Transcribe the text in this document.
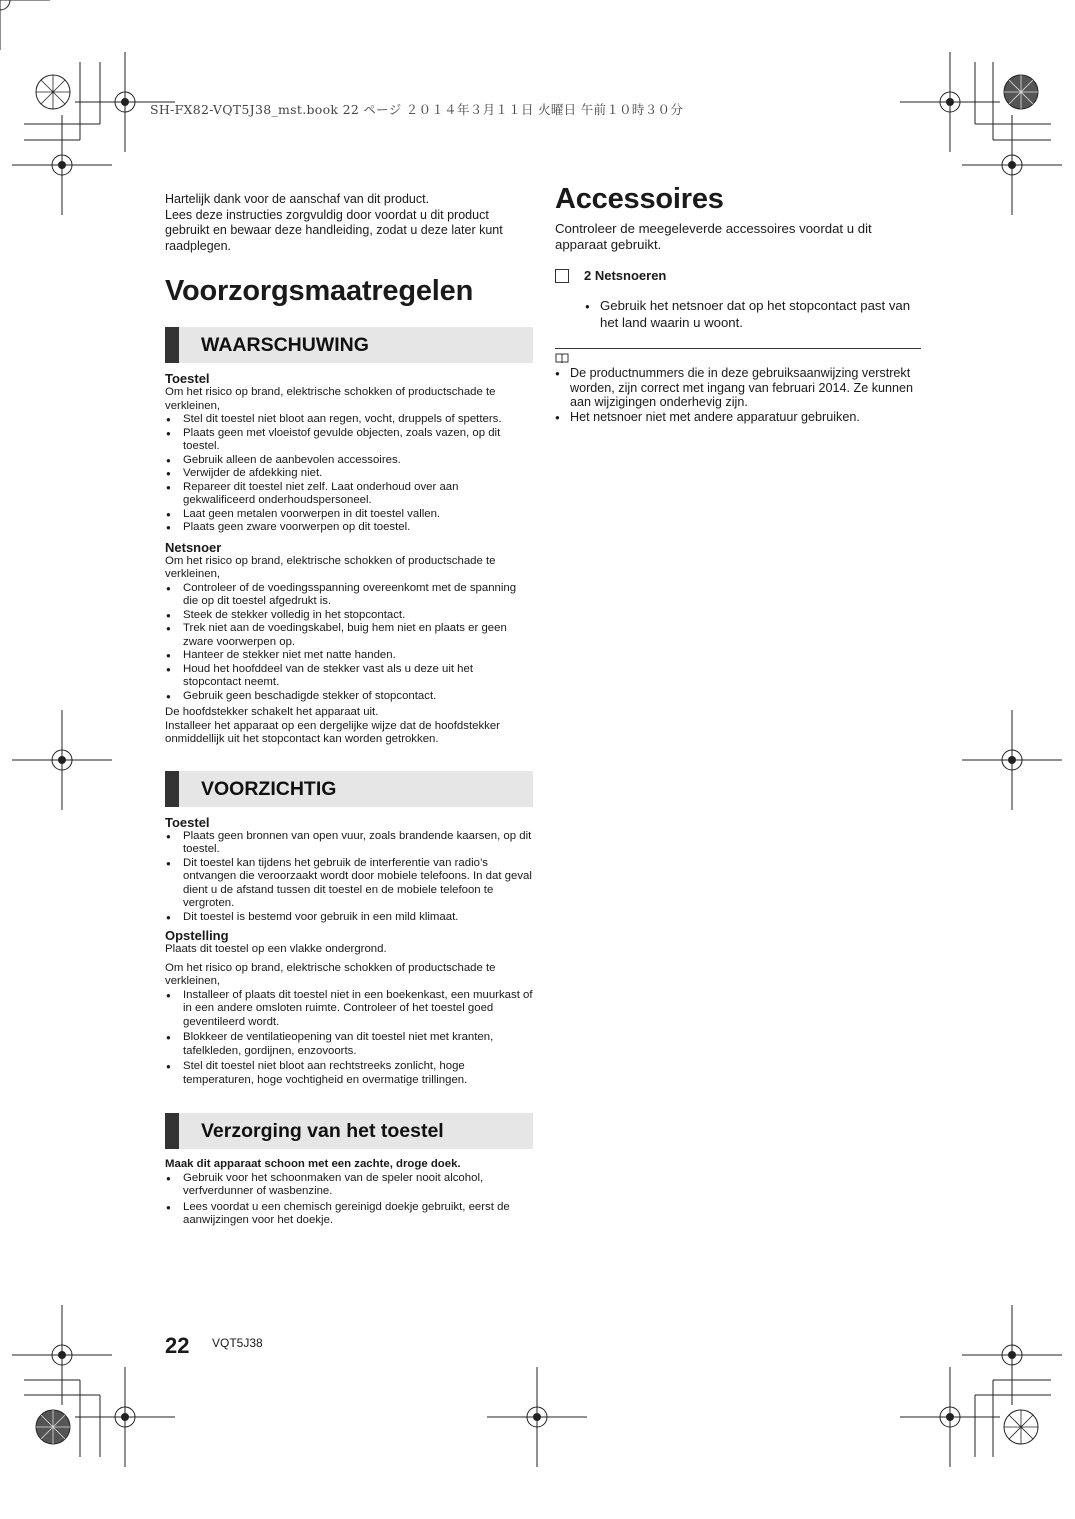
SH-FX82-VQT5J38_mst.book 22 ページ ２０１４年３月１１日 火曜日 午前１０時３０分

Hartelijk dank voor de aanschaf van dit product.

Lees deze instructies zorgvuldig door voordat u dit product gebruikt en bewaar deze handleiding, zodat u deze later kunt raadplegen.

Voorzorgsmaatregelen
WAARSCHUWING

Toestel

Om het risico op brand, elektrische schokken of productschade te verkleinen,

● Stel dit toestel niet bloot aan regen, vocht, druppels of spetters.
● Plaats geen met vloeistof gevulde objecten, zoals vazen, op dit toestel.
● Gebruik alleen de aanbevolen accessoires.
● Verwijder de afdekking niet.
● Repareer dit toestel niet zelf. Laat onderhoud over aan gekwalificeerd onderhoudspersoneel.
● Laat geen metalen voorwerpen in dit toestel vallen.
● Plaats geen zware voorwerpen op dit toestel.

Netsnoer

Om het risico op brand, elektrische schokken of productschade te verkleinen,

● Controleer of de voedingsspanning overeenkomt met de spanning die op dit toestel afgedrukt is.
● Steek de stekker volledig in het stopcontact.
● Trek niet aan de voedingskabel, buig hem niet en plaats er geen zware voorwerpen op.
● Hanteer de stekker niet met natte handen.
● Houd het hoofddeel van de stekker vast als u deze uit het stopcontact neemt.
● Gebruik geen beschadigde stekker of stopcontact.

De hoofdstekker schakelt het apparaat uit.

Installeer het apparaat op een dergelijke wijze dat de hoofdstekker onmiddellijk uit het stopcontact kan worden getrokken.

VOORZICHTIG

Toestel

● Plaats geen bronnen van open vuur, zoals brandende kaarsen, op dit toestel.
● Dit toestel kan tijdens het gebruik de interferentie van radio’s ontvangen die veroorzaakt wordt door mobiele telefoons. In dat geval dient u de afstand tussen dit toestel en de mobiele telefoon te vergroten.
● Dit toestel is bestemd voor gebruik in een mild klimaat.

Opstelling

Plaats dit toestel op een vlakke ondergrond.

Om het risico op brand, elektrische schokken of productschade te verkleinen,

● Installeer of plaats dit toestel niet in een boekenkast, een muurkast of in een andere omsloten ruimte. Controleer of het toestel goed geventileerd wordt.
● Blokkeer de ventilatieopening van dit toestel niet met kranten, tafelkleden, gordijnen, enzovoorts.
● Stel dit toestel niet bloot aan rechtstreeks zonlicht, hoge temperaturen, hoge vochtigheid en overmatige trillingen.
Verzorging van het toestel

Maak dit apparaat schoon met een zachte, droge doek.

● Gebruik voor het schoonmaken van de speler nooit alcohol, verfverdunner of wasbenzine.
● Lees voordat u een chemisch gereinigd doekje gebruikt, eerst de aanwijzingen voor het doekje.
Accessoires

Controleer de meegeleverde accessoires voordat u dit apparaat gebruikt.

2 Netsnoeren
● Gebruik het netsnoer dat op het stopcontact past van het land waarin u woont.
● De productnummers die in deze gebruiksaanwijzing verstrekt worden, zijn correct met ingang van februari 2014. Ze kunnen aan wijzigingen onderhevig zijn.
● Het netsnoer niet met andere apparatuur gebruiken.
22 VQT5J38
